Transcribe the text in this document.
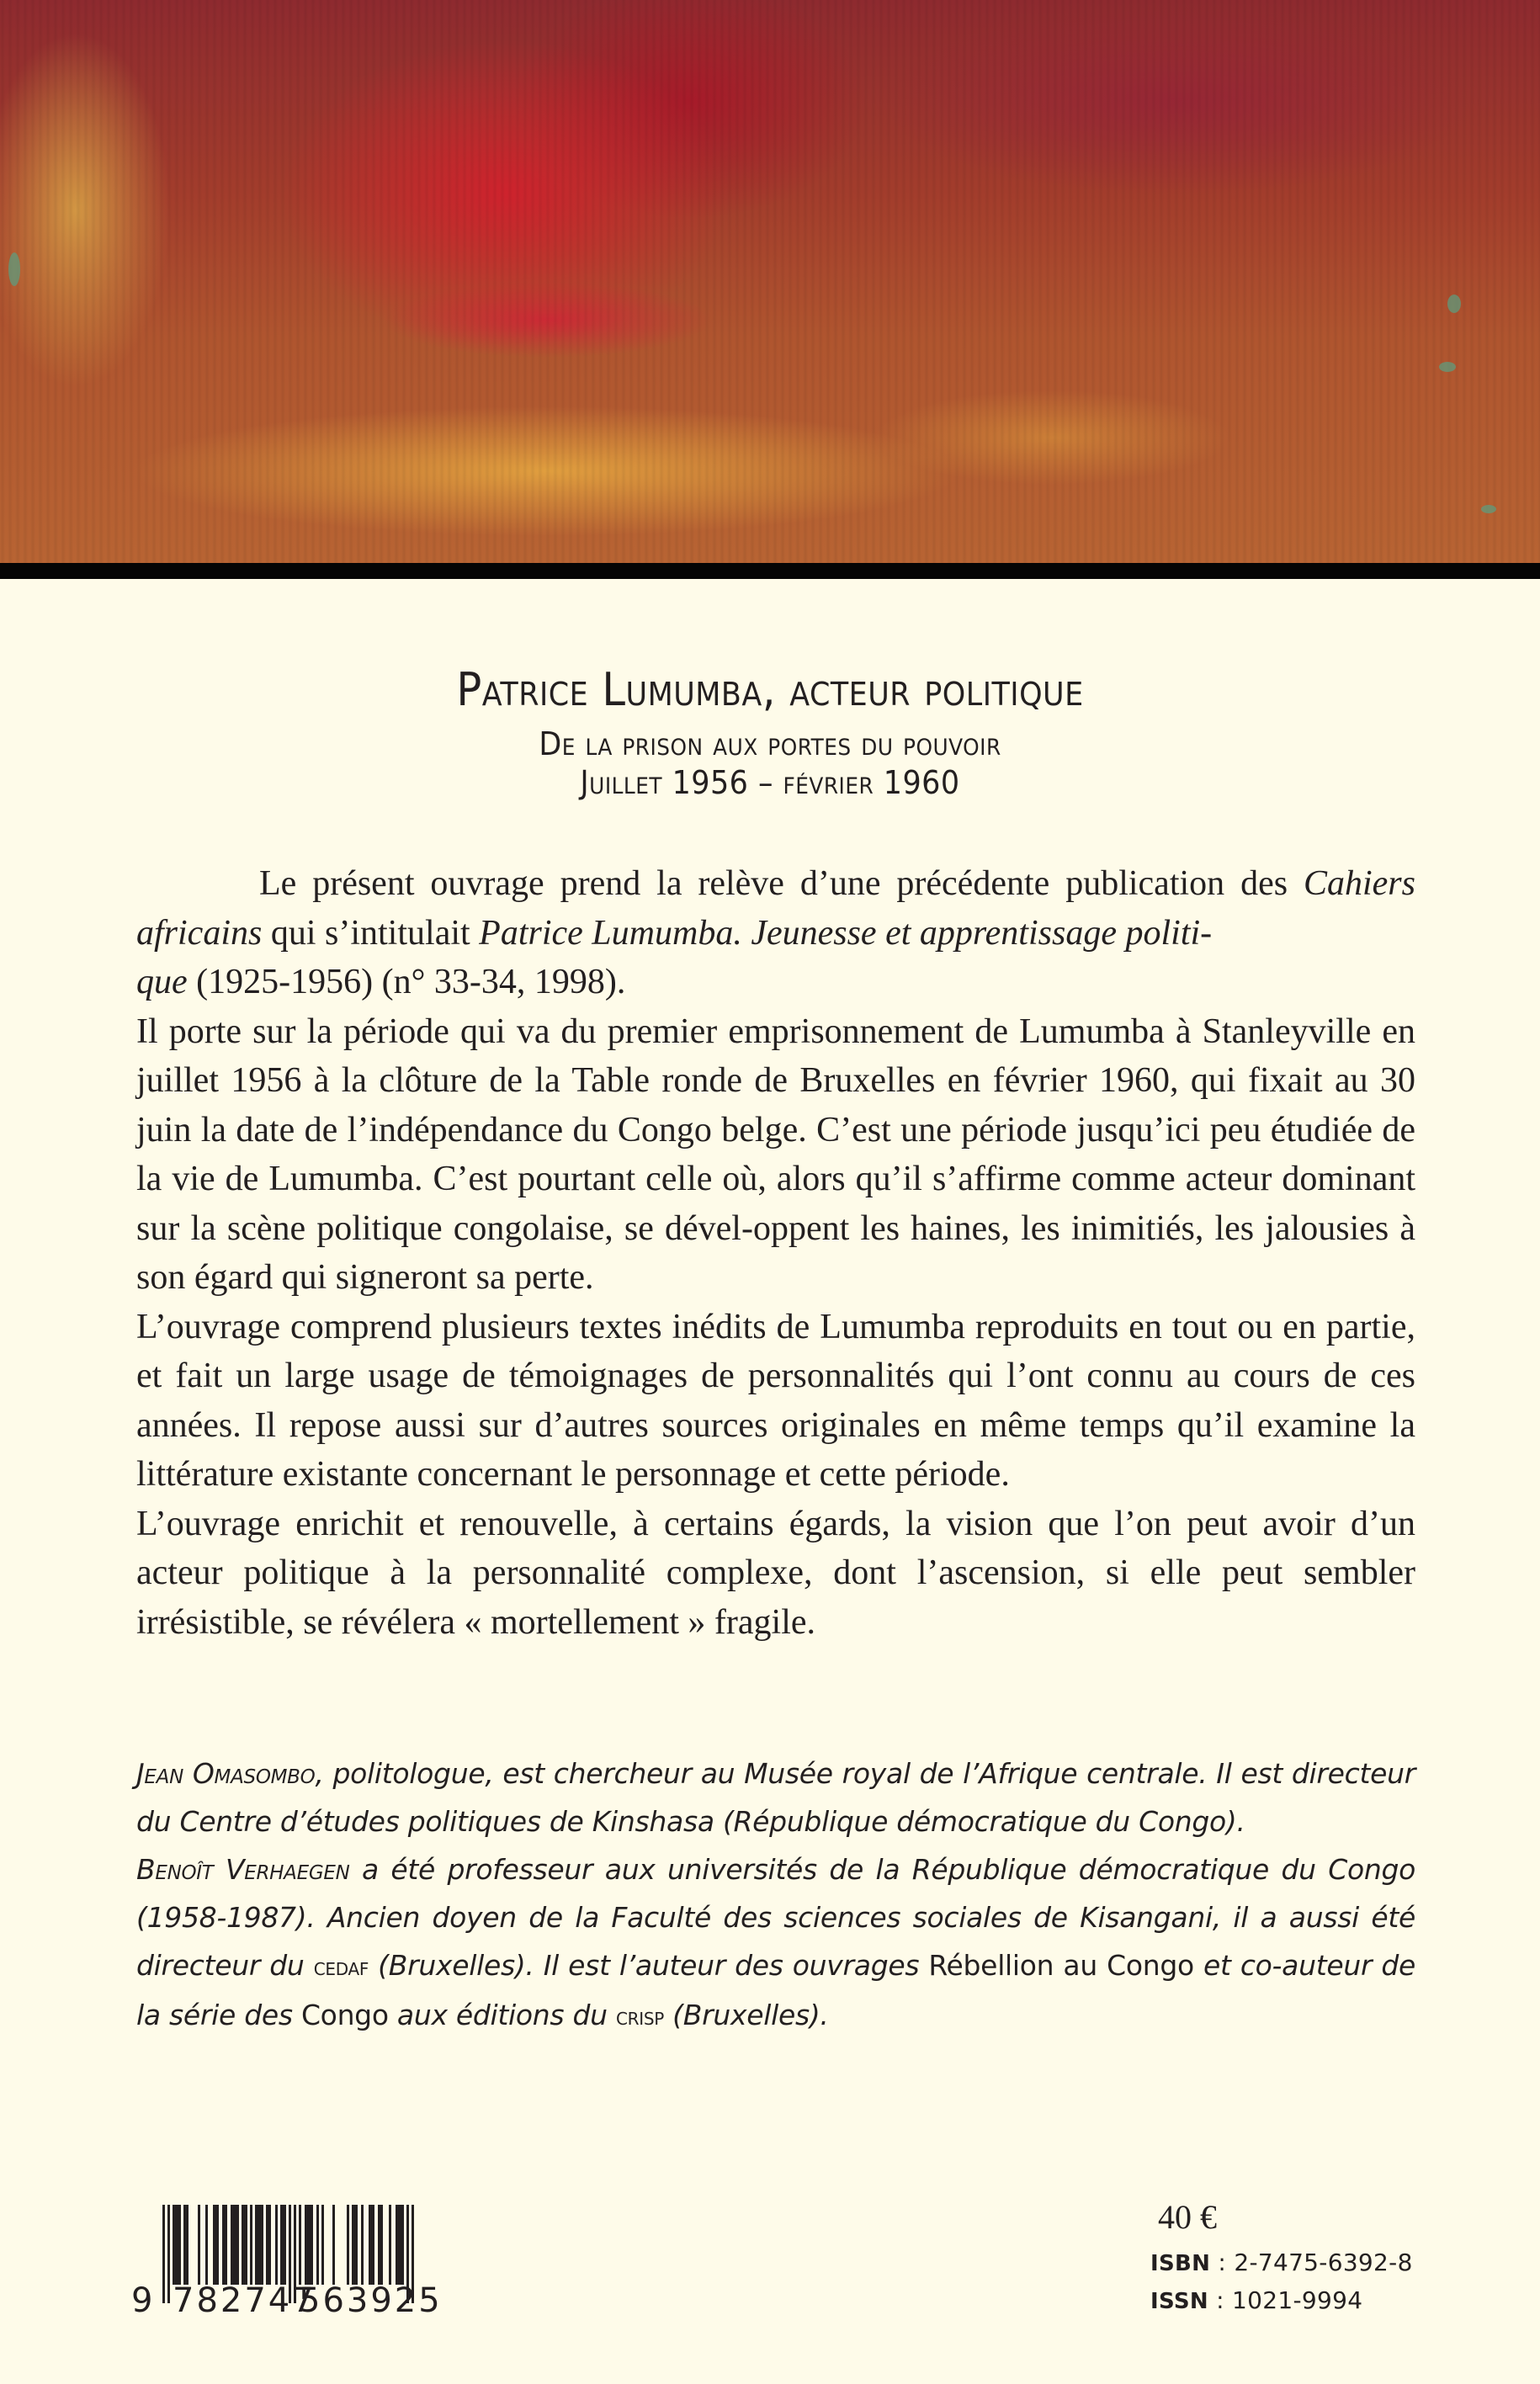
Patrice Lumumba, acteur politique
De la prison aux portes du pouvoir
Juillet 1956 – février 1960

Le présent ouvrage prend la relève d’une précédente publication des Cahiers africains qui s’intitulait Patrice Lumumba. Jeunesse et apprentissage politi-
que (1925-1956) (n° 33-34, 1998).

Il porte sur la période qui va du premier emprisonnement de Lumumba à Stanleyville en juillet 1956 à la clôture de la Table ronde de Bruxelles en février 1960, qui fixait au 30 juin la date de l’indépendance du Congo belge. C’est une période jusqu’ici peu étudiée de la vie de Lumumba. C’est pourtant celle où, alors qu’il s’affirme comme acteur dominant sur la scène politique congolaise, se dével-oppent les haines, les inimitiés, les jalousies à son égard qui signeront sa perte.

L’ouvrage comprend plusieurs textes inédits de Lumumba reproduits en tout ou en partie, et fait un large usage de témoignages de personnalités qui l’ont connu au cours de ces années. Il repose aussi sur d’autres sources originales en même temps qu’il examine la littérature existante concernant le personnage et cette période.

L’ouvrage enrichit et renouvelle, à certains égards, la vision que l’on peut avoir d’un acteur politique à la personnalité complexe, dont l’ascension, si elle peut sembler irrésistible, se révélera « mortellement » fragile.

Jean Omasombo, politologue, est chercheur au Musée royal de l’Afrique centrale. Il est directeur du Centre d’études politiques de Kinshasa (République démocratique du Congo).

Benoît Verhaegen a été professeur aux universités de la République démocratique du Congo (1958-1987). Ancien doyen de la Faculté des sciences sociales de Kisangani, il a aussi été directeur du cedaf (Bruxelles). Il est l’auteur des ouvrages Rébellion au Congo et co-auteur de la série des Congo aux éditions du crisp (Bruxelles).

9 782747
563925
40 €
ISBN : 2-7475-6392-8
ISSN : 1021-9994
